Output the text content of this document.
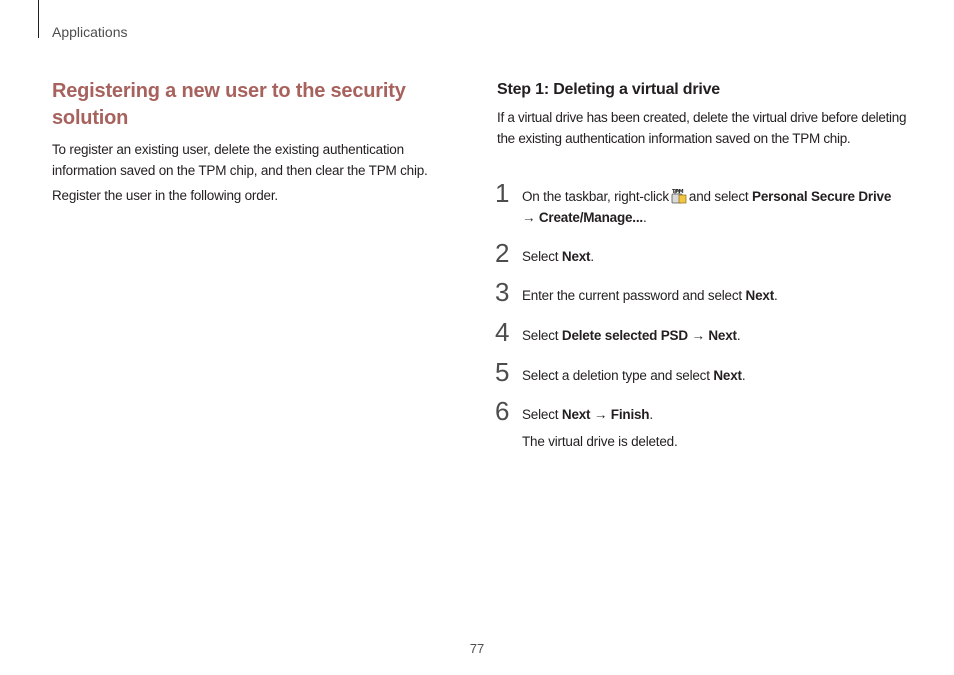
Applications
Registering a new user to the security solution

To register an existing user, delete the existing authentication information saved on the TPM chip, and then clear the TPM chip.

Register the user in the following order.

Step 1: Deleting a virtual drive

If a virtual drive has been created, delete the virtual drive before deleting the existing authentication information saved on the TPM chip.

1 On the taskbar, right-click TPM and select Personal Secure Drive → Create/Manage....
2 Select Next.
3 Enter the current password and select Next.
4 Select Delete selected PSD → Next.
5 Select a deletion type and select Next.
6 Select Next → Finish.
The virtual drive is deleted.
77
